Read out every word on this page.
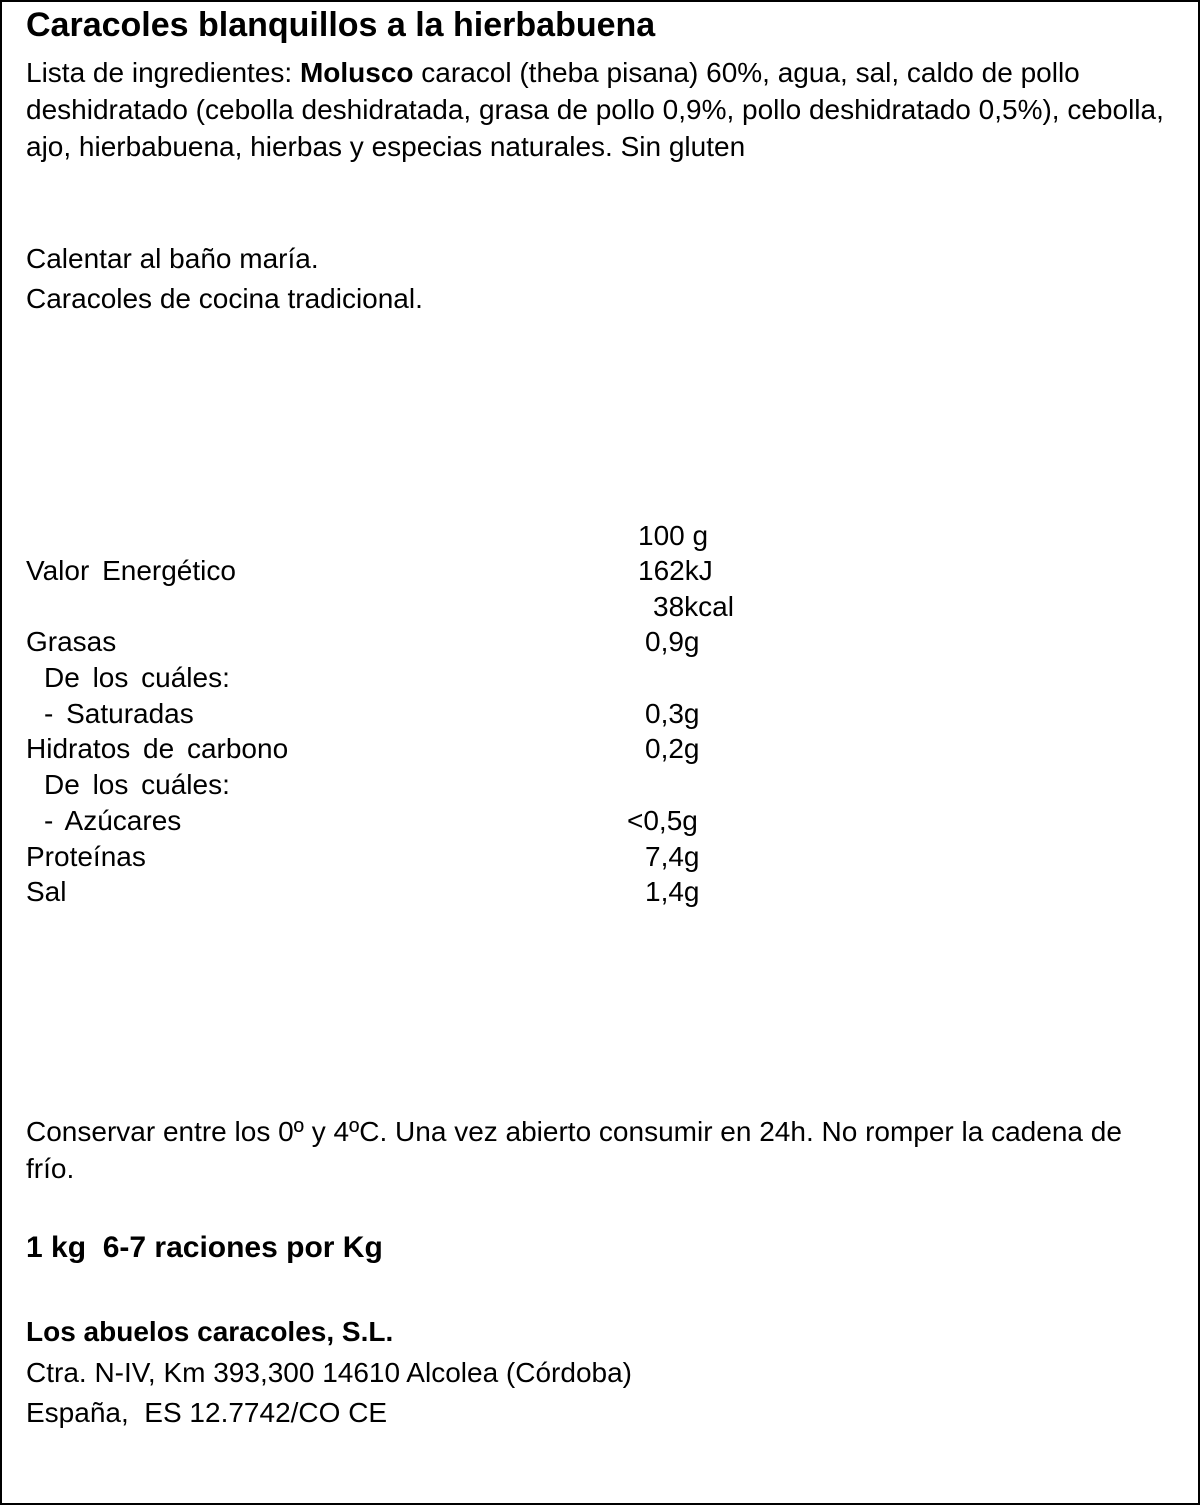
Caracoles blanquillos a la hierbabuena
Lista de ingredientes: Molusco caracol (theba pisana) 60%, agua, sal, caldo de pollo deshidratado (cebolla deshidratada, grasa de pollo 0,9%, pollo deshidratado 0,5%), cebolla, ajo, hierbabuena, hierbas y especias naturales. Sin gluten
Calentar al baño maría.
Caracoles de cocina tradicional.
100 g
Valor Energético	162kJ
38kcal
Grasas	0,9g
De los cuáles:
- Saturadas	0,3g
Hidratos de carbono	0,2g
De los cuáles:
- Azúcares	<0,5g
Proteínas	7,4g
Sal	1,4g
Conservar entre los 0º y 4ºC. Una vez abierto consumir en 24h. No romper la cadena de frío.
1 kg  6-7 raciones por Kg
Los abuelos caracoles, S.L.
Ctra. N-IV, Km 393,300 14610 Alcolea (Córdoba)
España,  ES 12.7742/CO CE
